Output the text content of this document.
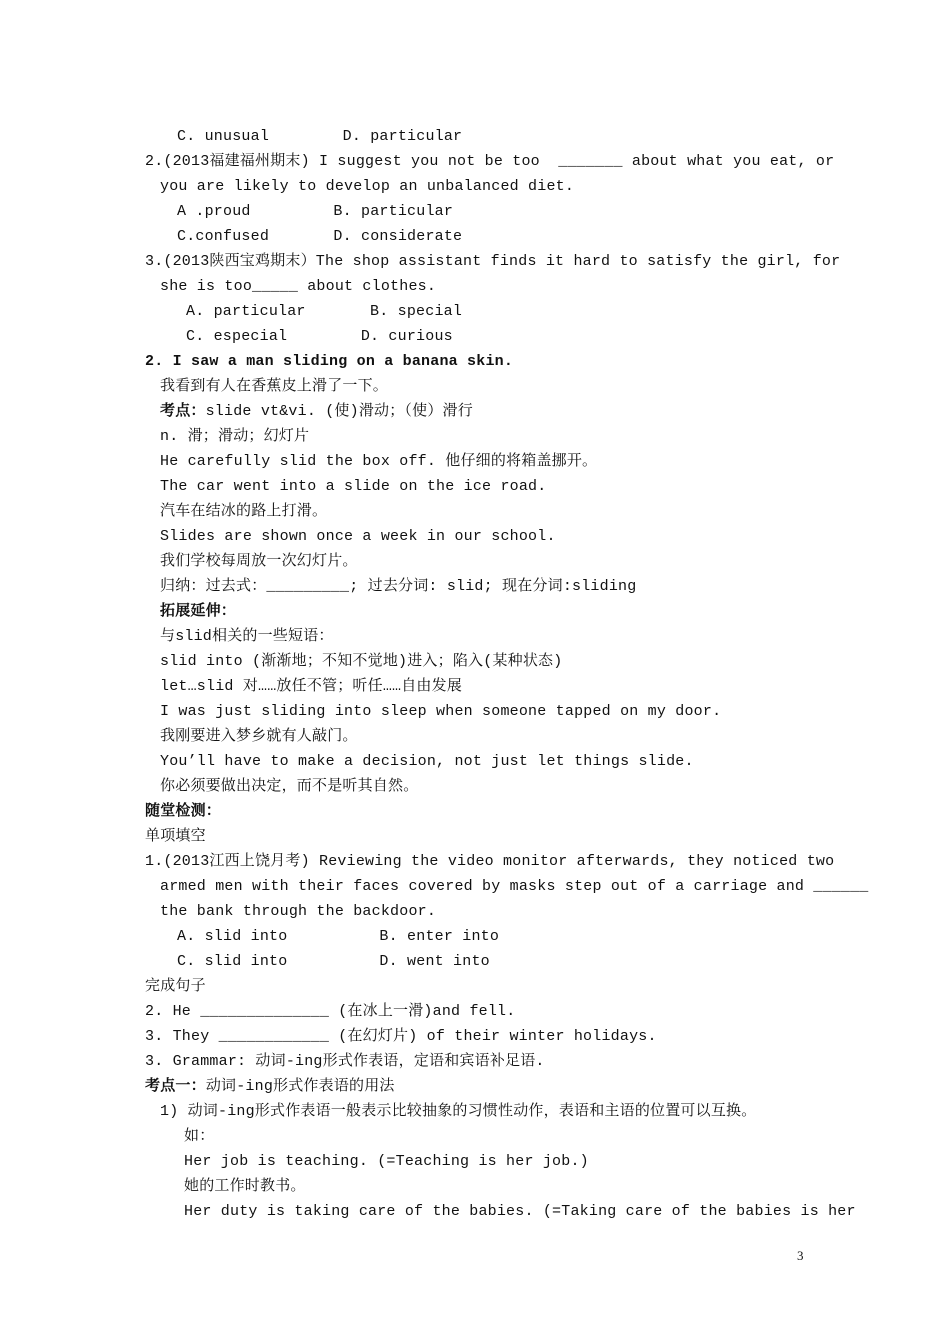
C. unusual        D. particular
2.(2013福建福州期末) I suggest you not be too  _______ about what you eat, or
you are likely to develop an unbalanced diet.
A .proud         B. particular
C.confused       D. considerate
3.(2013陕西宝鸡期末）The shop assistant finds it hard to satisfy the girl, for
she is too_____ about clothes.
A. particular       B. special
C. especial        D. curious
2. I saw a man sliding on a banana skin.
我看到有人在香蕉皮上滑了一下。
考点：slide vt&vi. (使)滑动；（使）滑行
n. 滑；滑动；幻灯片
He carefully slid the box off. 他仔细的将箱盖挪开。
The car went into a slide on the ice road.
汽车在结冰的路上打滑。
Slides are shown once a week in our school.
我们学校每周放一次幻灯片。
归纳：过去式：_________; 过去分词: slid; 现在分词:sliding
拓展延伸：
与slid相关的一些短语：
slid into (渐渐地；不知不觉地)进入；陷入(某种状态)
let…slid 对……放任不管；听任……自由发展
I was just sliding into sleep when someone tapped on my door.
我刚要进入梦乡就有人敲门。
You’ll have to make a decision, not just let things slide.
你必须要做出决定，而不是听其自然。
随堂检测：
单项填空
1.(2013江西上饶月考) Reviewing the video monitor afterwards, they noticed two
armed men with their faces covered by masks step out of a carriage and ______
the bank through the backdoor.
A. slid into          B. enter into
C. slid into          D. went into
完成句子
2. He ______________ (在冰上一滑)and fell.
3. They ____________ (在幻灯片) of their winter holidays.
3. Grammar: 动词-ing形式作表语，定语和宾语补足语.
考点一：动词-ing形式作表语的用法
1) 动词-ing形式作表语一般表示比较抽象的习惯性动作，表语和主语的位置可以互换。
如：
Her job is teaching. (=Teaching is her job.)
她的工作时教书。
Her duty is taking care of the babies. (=Taking care of the babies is her
3
